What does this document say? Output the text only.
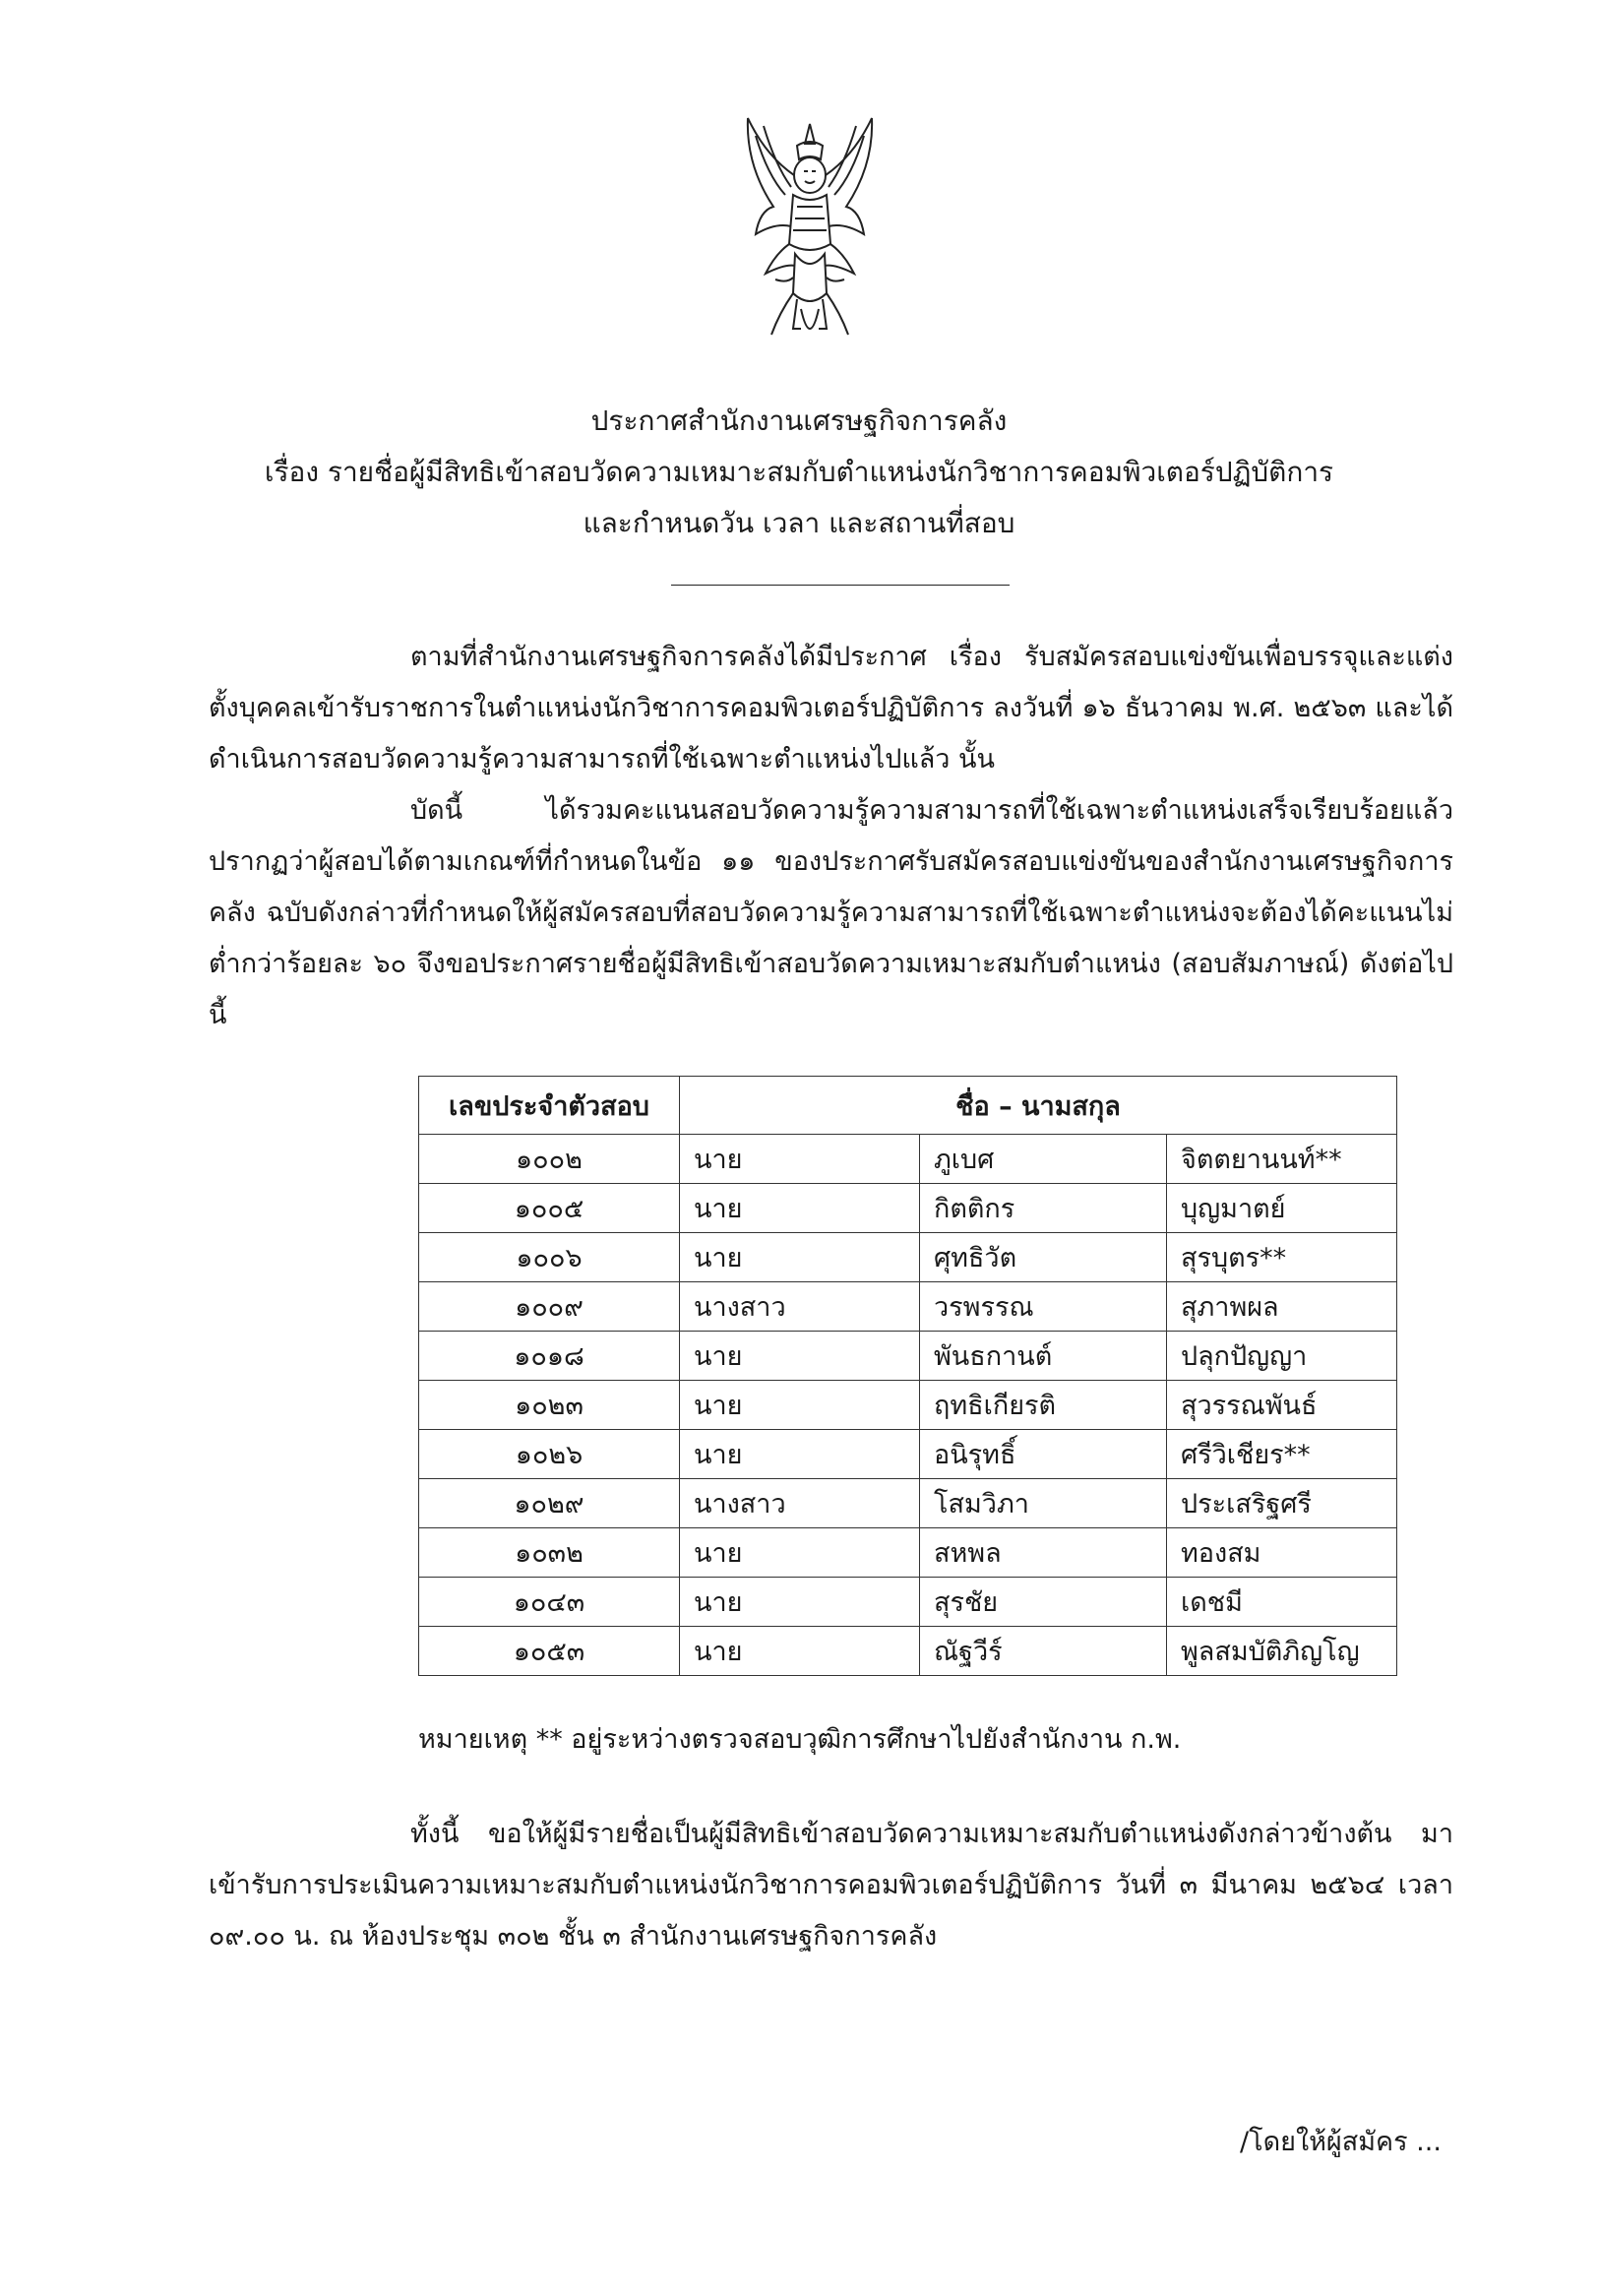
ประกาศสำนักงานเศรษฐกิจการคลัง
เรื่อง รายชื่อผู้มีสิทธิเข้าสอบวัดความเหมาะสมกับตำแหน่งนักวิชาการคอมพิวเตอร์ปฏิบัติการ
และกำหนดวัน เวลา และสถานที่สอบ

ตามที่สำนักงานเศรษฐกิจการคลังได้มีประกาศ เรื่อง รับสมัครสอบแข่งขันเพื่อบรรจุและแต่งตั้งบุคคลเข้ารับราชการในตำแหน่งนักวิชาการคอมพิวเตอร์ปฏิบัติการ ลงวันที่ ๑๖ ธันวาคม พ.ศ. ๒๕๖๓ และได้ดำเนินการสอบวัดความรู้ความสามารถที่ใช้เฉพาะตำแหน่งไปแล้ว นั้น

บัดนี้ ได้รวมคะแนนสอบวัดความรู้ความสามารถที่ใช้เฉพาะตำแหน่งเสร็จเรียบร้อยแล้ว ปรากฏว่าผู้สอบได้ตามเกณฑ์ที่กำหนดในข้อ ๑๑ ของประกาศรับสมัครสอบแข่งขันของสำนักงานเศรษฐกิจการคลัง ฉบับดังกล่าวที่กำหนดให้ผู้สมัครสอบที่สอบวัดความรู้ความสามารถที่ใช้เฉพาะตำแหน่งจะต้องได้คะแนนไม่ต่ำกว่าร้อยละ ๖๐ จึงขอประกาศรายชื่อผู้มีสิทธิเข้าสอบวัดความเหมาะสมกับตำแหน่ง (สอบสัมภาษณ์) ดังต่อไปนี้

เลขประจำตัวสอบ	ชื่อ – นามสกุล		
๑๐๐๒	นาย	ภูเบศ	จิตตยานนท์**
๑๐๐๕	นาย	กิตติกร	บุญมาตย์
๑๐๐๖	นาย	ศุทธิวัต	สุรบุตร**
๑๐๐๙	นางสาว	วรพรรณ	สุภาพผล
๑๐๑๘	นาย	พันธกานต์	ปลุกปัญญา
๑๐๒๓	นาย	ฤทธิเกียรติ	สุวรรณพันธ์
๑๐๒๖	นาย	อนิรุทธิ์	ศรีวิเชียร**
๑๐๒๙	นางสาว	โสมวิภา	ประเสริฐศรี
๑๐๓๒	นาย	สหพล	ทองสม
๑๐๔๓	นาย	สุรชัย	เดชมี
๑๐๕๓	นาย	ณัฐวีร์	พูลสมบัติภิญโญ
หมายเหตุ ** อยู่ระหว่างตรวจสอบวุฒิการศึกษาไปยังสำนักงาน ก.พ.

ทั้งนี้ ขอให้ผู้มีรายชื่อเป็นผู้มีสิทธิเข้าสอบวัดความเหมาะสมกับตำแหน่งดังกล่าวข้างต้น มาเข้ารับการประเมินความเหมาะสมกับตำแหน่งนักวิชาการคอมพิวเตอร์ปฏิบัติการ วันที่ ๓ มีนาคม ๒๕๖๔ เวลา ๐๙.๐๐ น. ณ ห้องประชุม ๓๐๒ ชั้น ๓ สำนักงานเศรษฐกิจการคลัง

/โดยให้ผู้สมัคร ...
